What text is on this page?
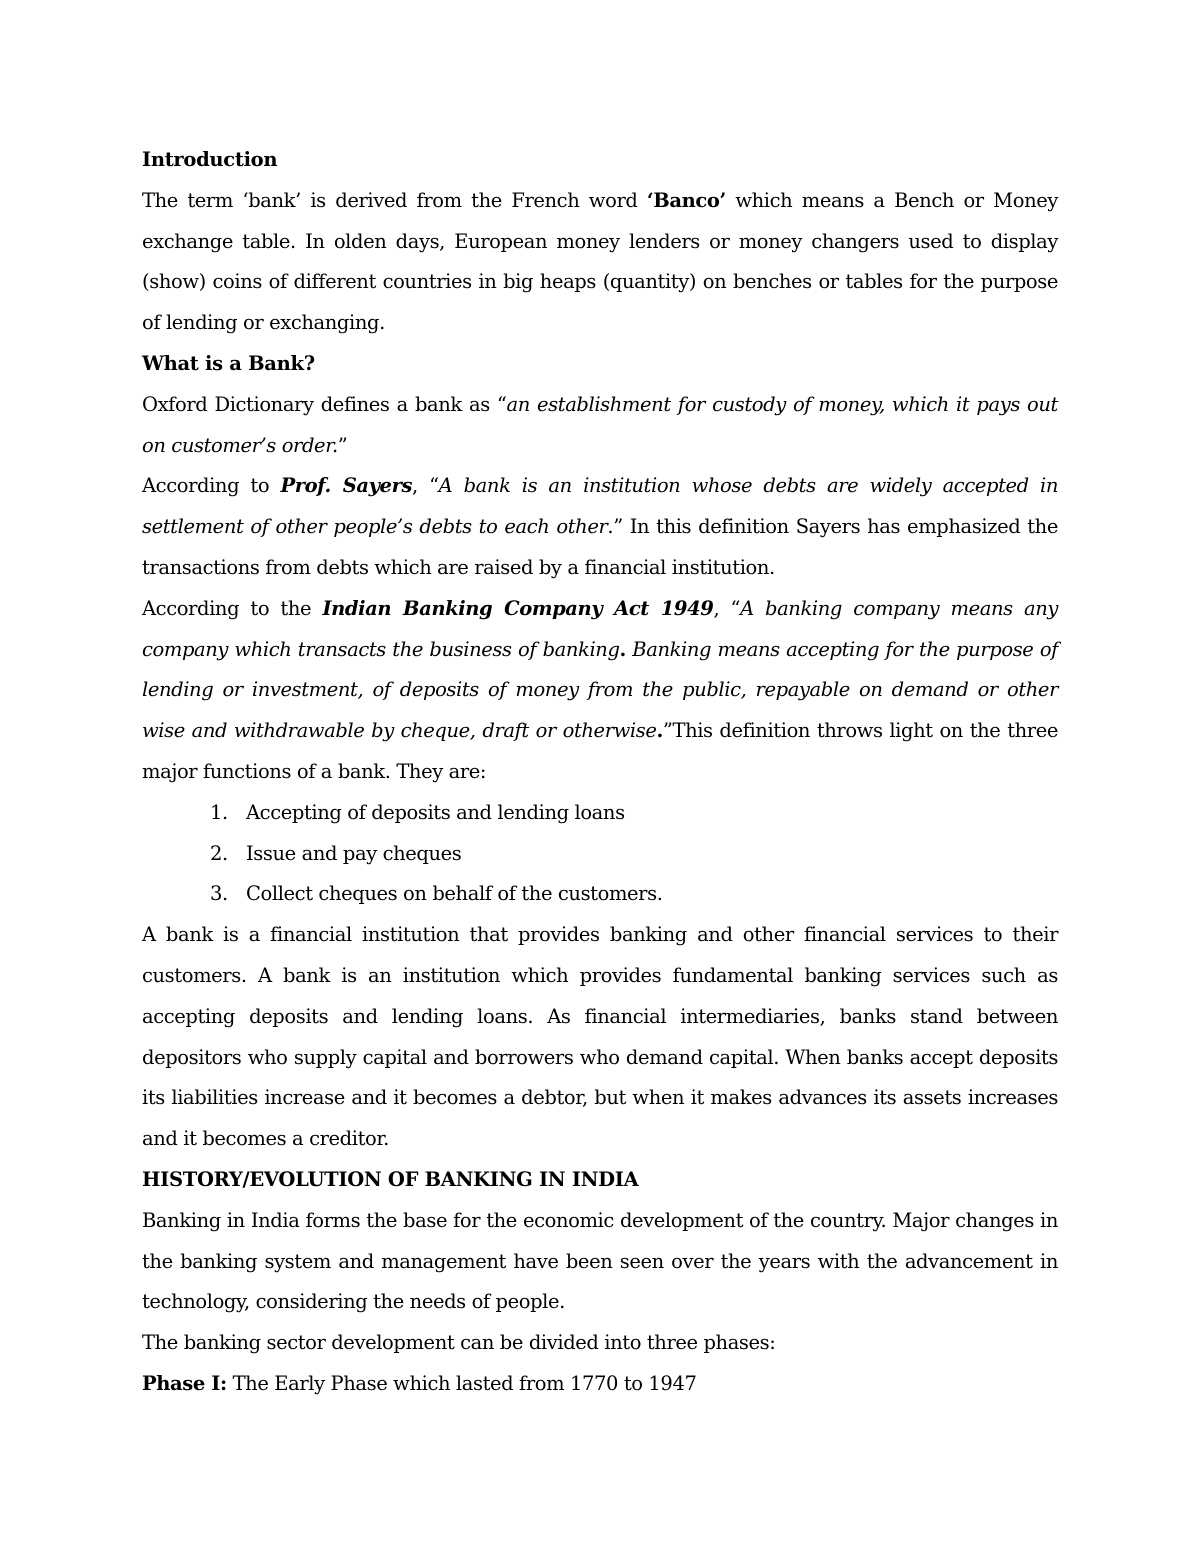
Introduction

The term ‘bank’ is derived from the French word ‘Banco’ which means a Bench or Money exchange table. In olden days, European money lenders or money changers used to display (show) coins of different countries in big heaps (quantity) on benches or tables for the purpose of lending or exchanging.

What is a Bank?

Oxford Dictionary defines a bank as “an establishment for custody of money, which it pays out on customer’s order.”

According to Prof. Sayers, “A bank is an institution whose debts are widely accepted in settlement of other people’s debts to each other.” In this definition Sayers has emphasized the transactions from debts which are raised by a financial institution.

According to the Indian Banking Company Act 1949, “A banking company means any company which transacts the business of banking. Banking means accepting for the purpose of lending or investment, of deposits of money from the public, repayable on demand or other wise and withdrawable by cheque, draft or otherwise.”This definition throws light on the three major functions of a bank. They are:

1. Accepting of deposits and lending loans
2. Issue and pay cheques
3. Collect cheques on behalf of the customers.

A bank is a financial institution that provides banking and other financial services to their customers. A bank is an institution which provides fundamental banking services such as accepting deposits and lending loans. As financial intermediaries, banks stand between depositors who supply capital and borrowers who demand capital. When banks accept deposits its liabilities increase and it becomes a debtor, but when it makes advances its assets increases and it becomes a creditor.

HISTORY/EVOLUTION OF BANKING IN INDIA

Banking in India forms the base for the economic development of the country. Major changes in the banking system and management have been seen over the years with the advancement in technology, considering the needs of people.

The banking sector development can be divided into three phases:

Phase I: The Early Phase which lasted from 1770 to 1947
